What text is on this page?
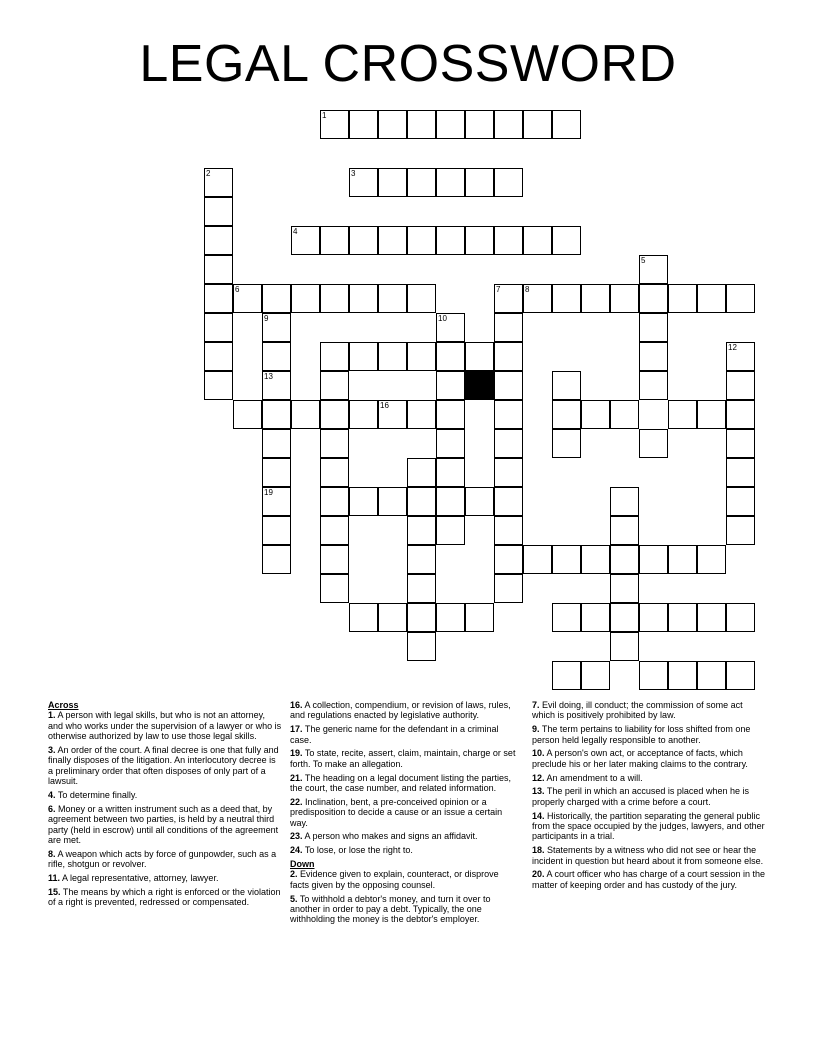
LEGAL CROSSWORD
1
3
4
6	8
2
5
9
13
19
10
7
12
16
Across

1. A person with legal skills, but who is not an attorney, and who works under the supervision of a lawyer or who is otherwise authorized by law to use those legal skills.

3. An order of the court. A final decree is one that fully and finally disposes of the litigation. An interlocutory decree is a preliminary order that often disposes of only part of a lawsuit.

4. To determine finally.

6. Money or a written instrument such as a deed that, by agreement between two parties, is held by a neutral third party (held in escrow) until all conditions of the agreement are met.

8. A weapon which acts by force of gunpowder, such as a rifle, shotgun or revolver.

11. A legal representative, attorney, lawyer.

15. The means by which a right is enforced or the violation of a right is prevented, redressed or compensated.

16. A collection, compendium, or revision of laws, rules, and regulations enacted by legislative authority.

17. The generic name for the defendant in a criminal case.

19. To state, recite, assert, claim, maintain, charge or set forth. To make an allegation.

21. The heading on a legal document listing the parties, the court, the case number, and related information.

22. Inclination, bent, a pre-conceived opinion or a predisposition to decide a cause or an issue a certain way.

23. A person who makes and signs an affidavit.

24. To lose, or lose the right to.

Down

2. Evidence given to explain, counteract, or disprove facts given by the opposing counsel.

5. To withhold a debtor's money, and turn it over to another in order to pay a debt. Typically, the one withholding the money is the debtor's employer.

7. Evil doing, ill conduct; the commission of some act which is positively prohibited by law.

9. The term pertains to liability for loss shifted from one person held legally responsible to another.

10. A person's own act, or acceptance of facts, which preclude his or her later making claims to the contrary.

12. An amendment to a will.

13. The peril in which an accused is placed when he is properly charged with a crime before a court.

14. Historically, the partition separating the general public from the space occupied by the judges, lawyers, and other participants in a trial.

18. Statements by a witness who did not see or hear the incident in question but heard about it from someone else.

20. A court officer who has charge of a court session in the matter of keeping order and has custody of the jury.
